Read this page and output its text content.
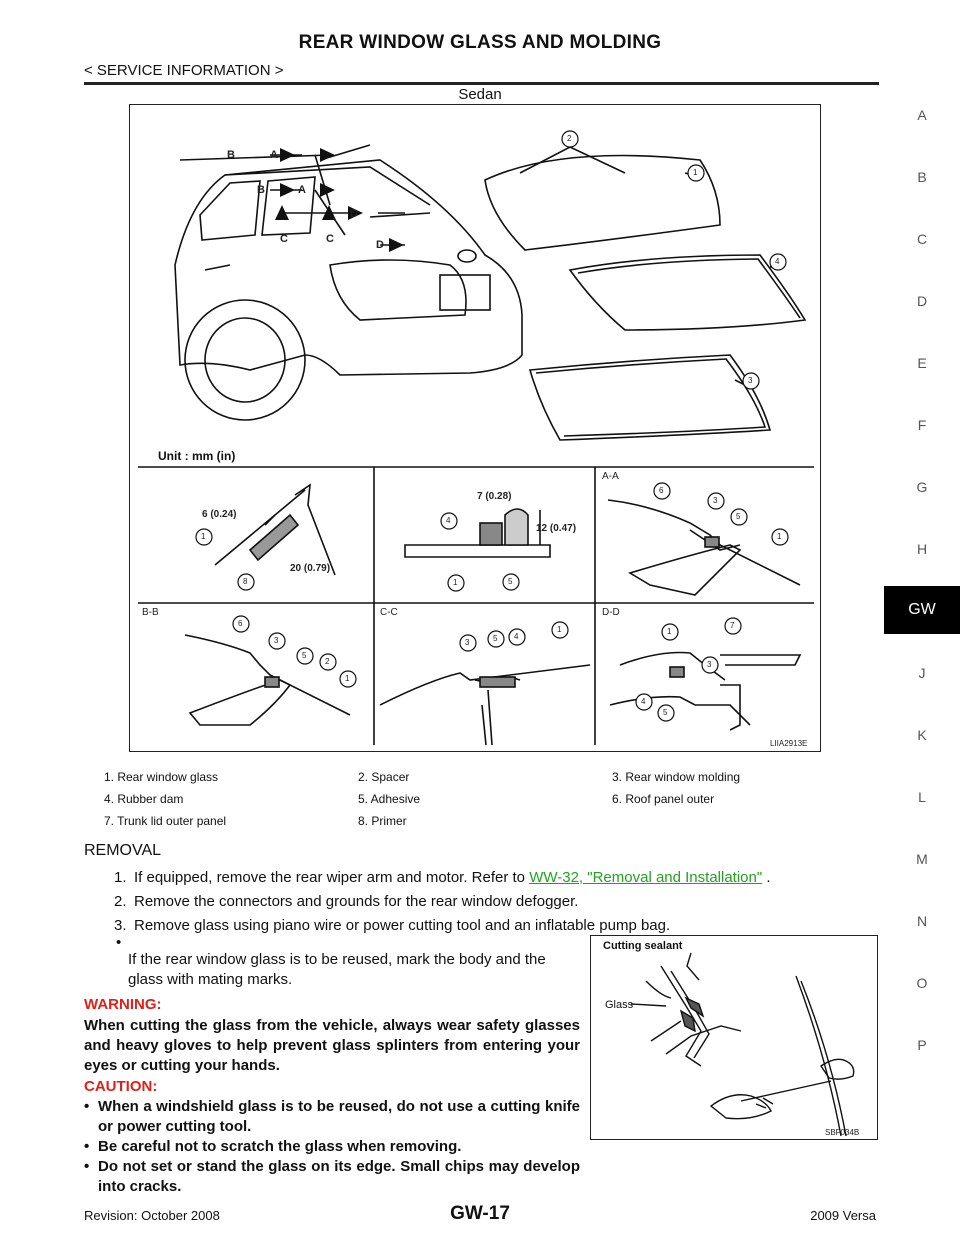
REAR WINDOW GLASS AND MOLDING
< SERVICE INFORMATION >
A
B
C
D
E
F
G
H
J
K
L
M
N
O
P
GW
Sedan
Unit : mm (in)
LIIA2913E
A-A
B-B	C-C	D-D
B	A
B	A
D
D
C	C
6 (0.24)
20 (0.79)
7 (0.28)
12 (0.47)
2
1
4
3
1
8
4
1	5
6
3
5
1
6
3
5
2
1
3	5 4
1	1
7
3
4
5
1. Rear window glass	2. Spacer	3. Rear window molding
4. Rubber dam	5. Adhesive	6. Roof panel outer
7. Trunk lid outer panel	8. Primer
REMOVAL
1. If equipped, remove the rear wiper arm and motor. Refer to WW-32, "Removal and Installation" .
2. Remove the connectors and grounds for the rear window defogger.
3. Remove glass using piano wire or power cutting tool and an inflatable pump bag.
•
If the rear window glass is to be reused, mark the body and the glass with mating marks.
WARNING:
When cutting the glass from the vehicle, always wear safety glasses and heavy gloves to help prevent glass splinters from entering your eyes or cutting your hands.
CAUTION:
• When a windshield glass is to be reused, do not use a cutting knife or power cutting tool.
• Be careful not to scratch the glass when removing.
• Do not set or stand the glass on its edge. Small chips may develop into cracks.
Cutting sealant
Glass
SBF034B
Revision: October 2008	GW-17	2009 Versa
